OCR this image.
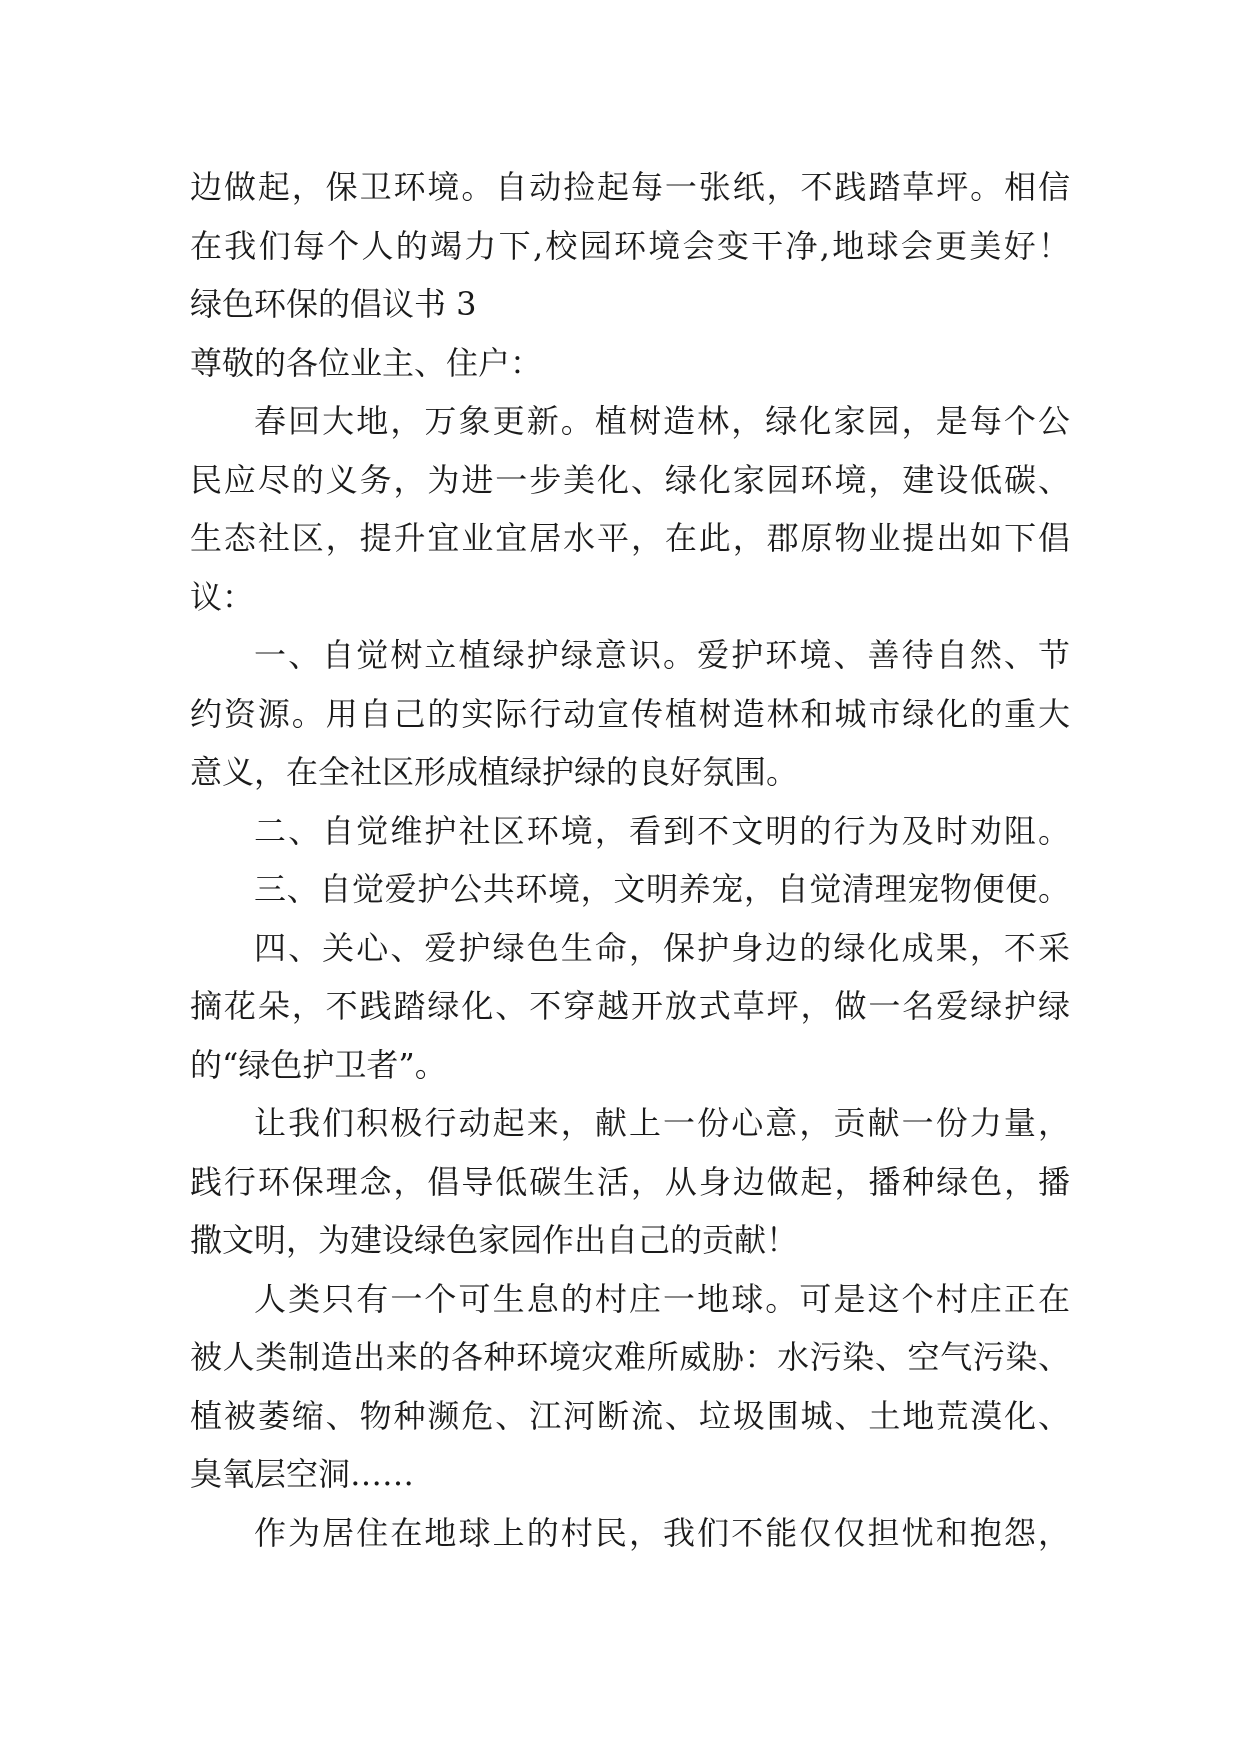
边做起，保卫环境。自动捡起每一张纸，不践踏草坪。相信
在我们每个人的竭力下,校园环境会变干净,地球会更美好！
绿色环保的倡议书 3
尊敬的各位业主、住户：
春回大地，万象更新。植树造林，绿化家园，是每个公
民应尽的义务，为进一步美化、绿化家园环境，建设低碳、
生态社区，提升宜业宜居水平，在此，郡原物业提出如下倡
议：
一、自觉树立植绿护绿意识。爱护环境、善待自然、节
约资源。用自己的实际行动宣传植树造林和城市绿化的重大
意义，在全社区形成植绿护绿的良好氛围。
二、自觉维护社区环境，看到不文明的行为及时劝阻。
三、自觉爱护公共环境，文明养宠，自觉清理宠物便便。
四、关心、爱护绿色生命，保护身边的绿化成果，不采
摘花朵，不践踏绿化、不穿越开放式草坪，做一名爱绿护绿
的“绿色护卫者”。
让我们积极行动起来，献上一份心意，贡献一份力量，
践行环保理念，倡导低碳生活，从身边做起，播种绿色，播
撒文明，为建设绿色家园作出自己的贡献！
人类只有一个可生息的村庄一地球。可是这个村庄正在
被人类制造出来的各种环境灾难所威胁：水污染、空气污染、
植被萎缩、物种濒危、江河断流、垃圾围城、土地荒漠化、
臭氧层空洞……
作为居住在地球上的村民，我们不能仅仅担忧和抱怨，
